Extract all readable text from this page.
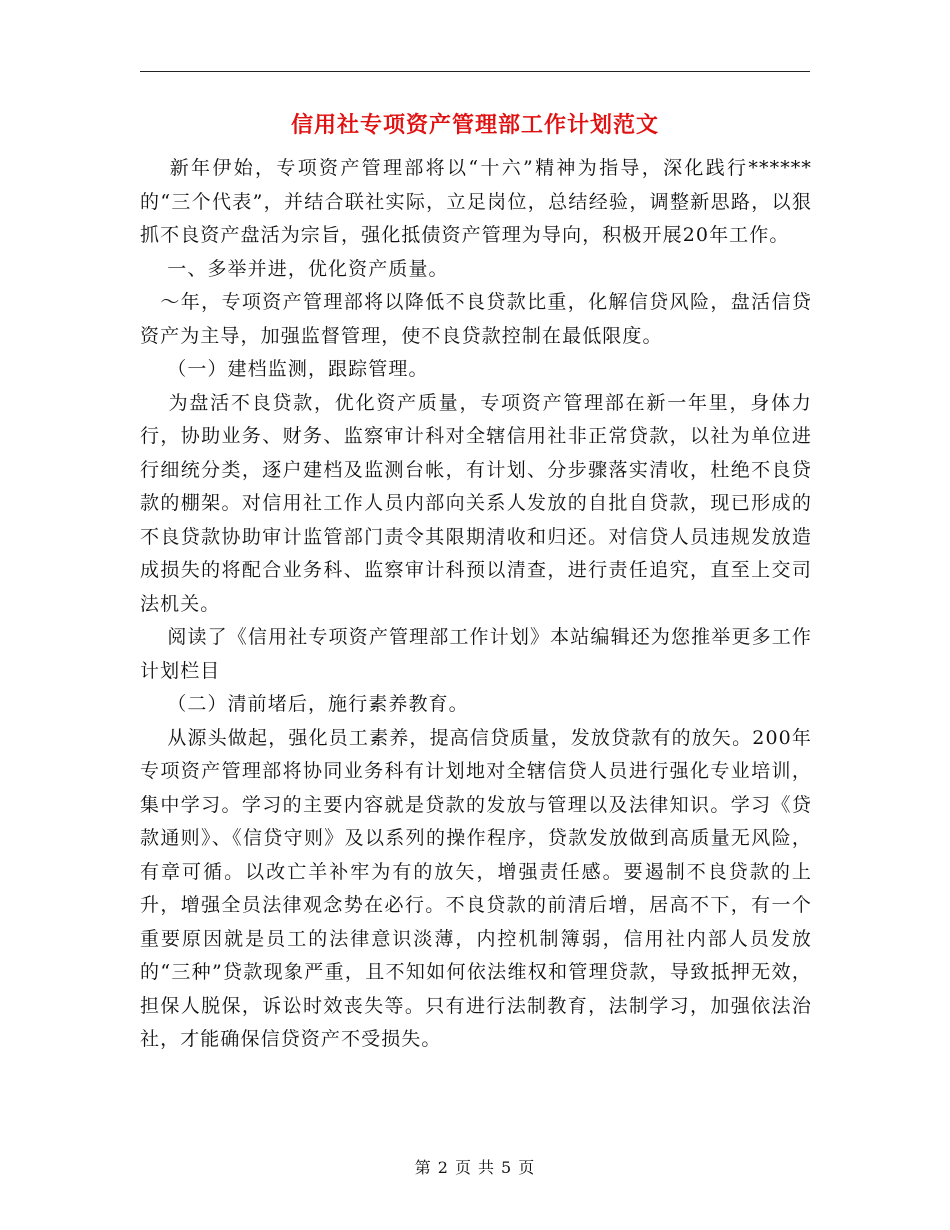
信用社专项资产管理部工作计划范文

　 新年伊始，专项资产管理部将以“十六”精神为指导，深化践行******的“三个代表”，并结合联社实际，立足岗位，总结经验，调整新思路，以狠抓不良资产盘活为宗旨，强化抵债资产管理为导向，积极开展20年工作。

　 一、多举并进，优化资产质量。

　～年，专项资产管理部将以降低不良贷款比重，化解信贷风险，盘活信贷资产为主导，加强监督管理，使不良贷款控制在最低限度。

　 （一）建档监测，跟踪管理。

　 为盘活不良贷款，优化资产质量，专项资产管理部在新一年里，身体力行，协助业务、财务、监察审计科对全辖信用社非正常贷款，以社为单位进行细统分类，逐户建档及监测台帐，有计划、分步骤落实清收，杜绝不良贷款的棚架。对信用社工作人员内部向关系人发放的自批自贷款，现已形成的不良贷款协助审计监管部门责令其限期清收和归还。对信贷人员违规发放造成损失的将配合业务科、监察审计科预以清查，进行责任追究，直至上交司法机关。

　 阅读了《信用社专项资产管理部工作计划》本站编辑还为您推举更多工作计划栏目

　 （二）清前堵后，施行素养教育。

　 从源头做起，强化员工素养，提高信贷质量，发放贷款有的放矢。200年专项资产管理部将协同业务科有计划地对全辖信贷人员进行强化专业培训，集中学习。学习的主要内容就是贷款的发放与管理以及法律知识。学习《贷款通则》、《信贷守则》及以系列的操作程序，贷款发放做到高质量无风险，有章可循。以改亡羊补牢为有的放矢，增强责任感。要遏制不良贷款的上升，增强全员法律观念势在必行。不良贷款的前清后增，居高不下，有一个重要原因就是员工的法律意识淡薄，内控机制簿弱，信用社内部人员发放的“三种”贷款现象严重，且不知如何依法维权和管理贷款，导致抵押无效，担保人脱保，诉讼时效丧失等。只有进行法制教育，法制学习，加强依法治社，才能确保信贷资产不受损失。

第 2 页 共 5 页
